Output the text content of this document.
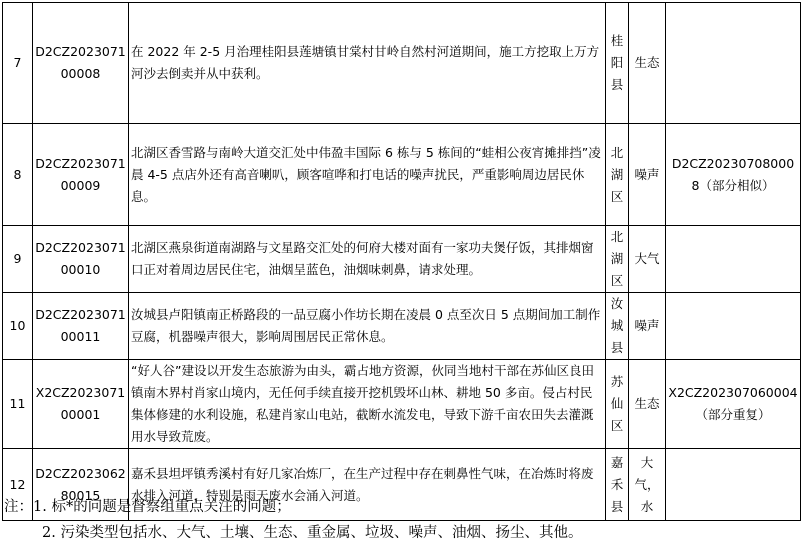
7	D2CZ202307100008	在 2022 年 2-5 月治理桂阳县莲塘镇甘棠村甘岭自然村河道期间，施工方挖取上万方河沙去倒卖并从中获利。	桂阳县	生态	
8	D2CZ202307100009	北湖区香雪路与南岭大道交汇处中伟盈丰国际 6 栋与 5 栋间的“蛙相公夜宵摊排挡”凌晨 4-5 点店外还有高音喇叭，顾客喧哗和打电话的噪声扰民，严重影响周边居民休息。	北湖区	噪声	D2CZ202307080008（部分相似）
9	D2CZ202307100010	北湖区燕泉街道南湖路与文星路交汇处的何府大楼对面有一家功夫煲仔饭，其排烟窗口正对着周边居民住宅，油烟呈蓝色，油烟味刺鼻，请求处理。	北湖区	大气	
10	D2CZ202307100011	汝城县卢阳镇南正桥路段的一品豆腐小作坊长期在凌晨 0 点至次日 5 点期间加工制作豆腐，机器噪声很大，影响周围居民正常休息。	汝城县	噪声	
11	X2CZ202307100001	“好人谷”建设以开发生态旅游为由头，霸占地方资源，伙同当地村干部在苏仙区良田镇南木界村肖家山境内，无任何手续直接开挖机毁坏山林、耕地 50 多亩。侵占村民集体修建的水利设施，私建肖家山电站，截断水流发电，导致下游千亩农田失去灌溉用水导致荒废。	苏仙区	生态	X2CZ202307060004（部分重复）
12	D2CZ202306280015	嘉禾县坦坪镇秀溪村有好几家冶炼厂，在生产过程中存在刺鼻性气味，在冶炼时将废水排入河道，特别是雨天废水会涌入河道。	嘉禾县	大气，水	
注：1. 标*的问题是督察组重点关注的问题；
2. 污染类型包括水、大气、土壤、生态、重金属、垃圾、噪声、油烟、扬尘、其他。
